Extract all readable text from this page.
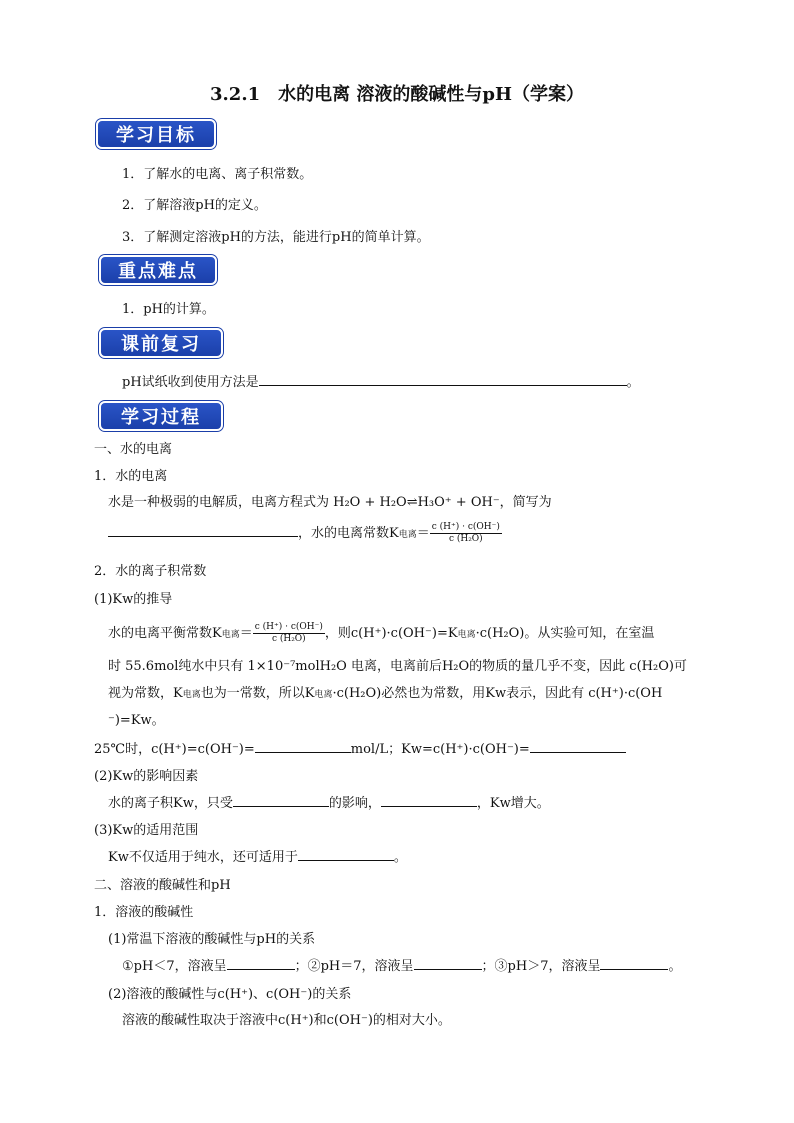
3.2.1　水的电离 溶液的酸碱性与pH（学案）
学习目标
1．了解水的电离、离子积常数。
2．了解溶液pH的定义。
3．了解测定溶液pH的方法，能进行pH的简单计算。
重点难点
1．pH的计算。
课前复习
pH试纸收到使用方法是	。
学习过程
一、水的电离
1．水的电离
水是一种极弱的电解质，电离方程式为 H₂O + H₂O⇌H₃O⁺ + OH⁻，简写为
，水的电离常数K电离＝ $\frac{c (H^+) \cdot c(OH^-)}{\text{c (H₂O)}}$
2．水的离子积常数
(1)Kw的推导
水的电离平衡常数K电离＝ $\frac{c (H^+) \cdot c(OH^-)}{\text{c (H₂O)}}$ ，则c(H⁺)·c(OH⁻)=K电离·c(H₂O)。从实验可知，在室温
时 55.6mol纯水中只有 1×10⁻⁷molH₂O 电离，电离前后H₂O的物质的量几乎不变，因此 c(H₂O)可
视为常数，K电离也为一常数，所以K电离·c(H₂O)必然也为常数，用Kw表示，因此有 c(H⁺)·c(OH
⁻)=Kw。
25℃时，c(H⁺)=c(OH⁻)=	mol/L；Kw=c(H⁺)·c(OH⁻)=
(2)Kw的影响因素
水的离子积Kw，只受	的影响，	，Kw增大。
(3)Kw的适用范围
Kw不仅适用于纯水，还可适用于	。
二、溶液的酸碱性和pH
1．溶液的酸碱性
(1)常温下溶液的酸碱性与pH的关系
①pH＜7，溶液呈	；②pH＝7，溶液呈	；③pH＞7，溶液呈	。
(2)溶液的酸碱性与c(H⁺)、c(OH⁻)的关系
溶液的酸碱性取决于溶液中c(H⁺)和c(OH⁻)的相对大小。
